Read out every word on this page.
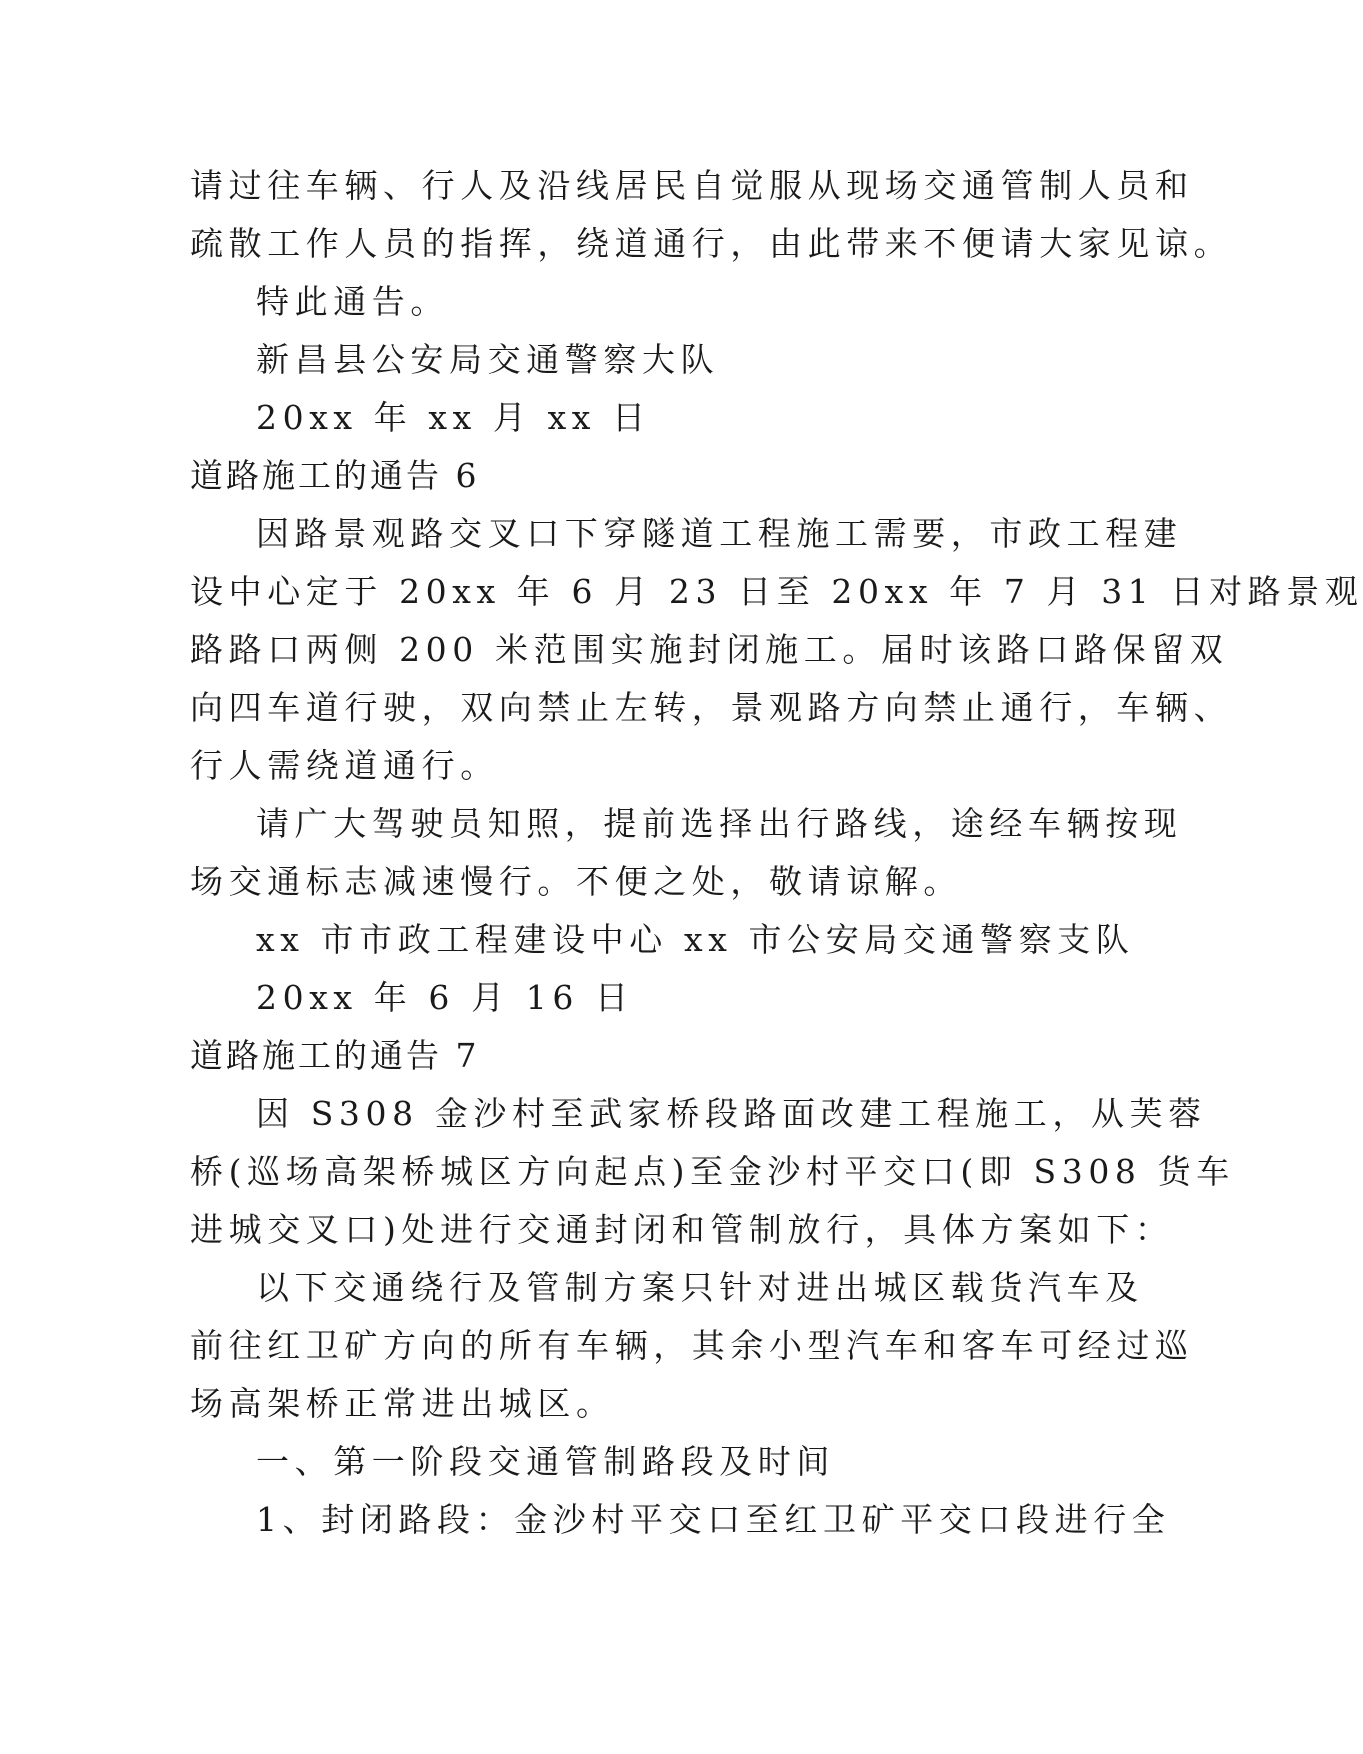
请过往车辆、行人及沿线居民自觉服从现场交通管制人员和
疏散工作人员的指挥，绕道通行，由此带来不便请大家见谅。
特此通告。
新昌县公安局交通警察大队
20xx 年 xx 月 xx 日
道路施工的通告 6
因路景观路交叉口下穿隧道工程施工需要，市政工程建
设中心定于 20xx 年 6 月 23 日至 20xx 年 7 月 31 日对路景观
路路口两侧 200 米范围实施封闭施工。届时该路口路保留双
向四车道行驶，双向禁止左转，景观路方向禁止通行，车辆、
行人需绕道通行。
请广大驾驶员知照，提前选择出行路线，途经车辆按现
场交通标志减速慢行。不便之处，敬请谅解。
xx 市市政工程建设中心 xx 市公安局交通警察支队
20xx 年 6 月 16 日
道路施工的通告 7
因 S308 金沙村至武家桥段路面改建工程施工，从芙蓉
桥(巡场高架桥城区方向起点)至金沙村平交口(即 S308 货车
进城交叉口)处进行交通封闭和管制放行，具体方案如下：
以下交通绕行及管制方案只针对进出城区载货汽车及
前往红卫矿方向的所有车辆，其余小型汽车和客车可经过巡
场高架桥正常进出城区。
一、第一阶段交通管制路段及时间
1、封闭路段：金沙村平交口至红卫矿平交口段进行全
